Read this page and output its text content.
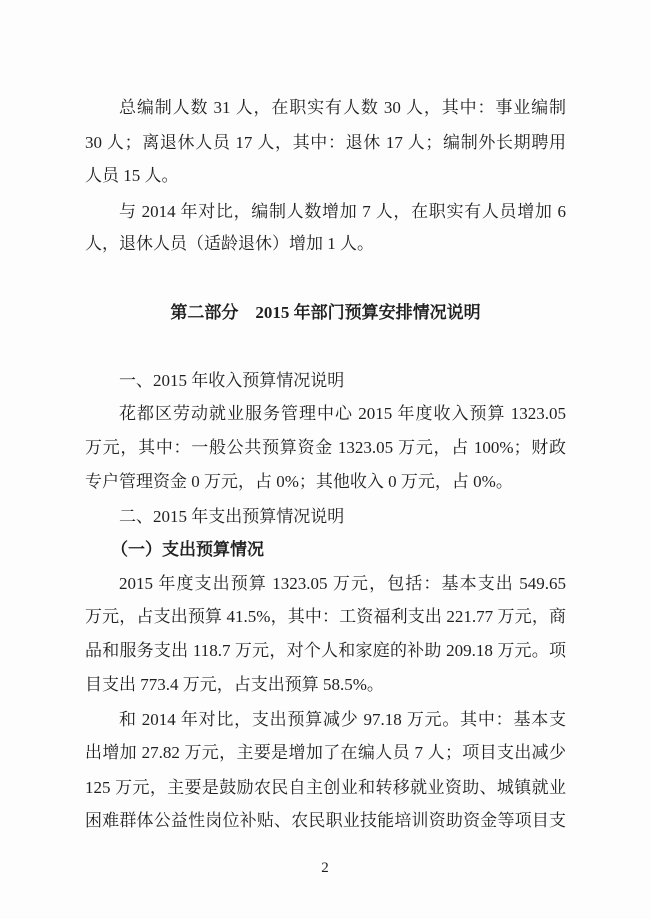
总编制人数 31 人，在职实有人数 30 人，其中：事业编制
30 人；离退休人员 17 人，其中：退休 17 人；编制外长期聘用
人员 15 人。
与 2014 年对比，编制人数增加 7 人，在职实有人员增加 6
人，退休人员（适龄退休）增加 1 人。
第二部分　2015 年部门预算安排情况说明
一、2015 年收入预算情况说明
花都区劳动就业服务管理中心 2015 年度收入预算 1323.05
万元，其中：一般公共预算资金 1323.05 万元，占 100%；财政
专户管理资金 0 万元，占 0%；其他收入 0 万元，占 0%。
二、2015 年支出预算情况说明
（一）支出预算情况
2015 年度支出预算 1323.05 万元，包括：基本支出 549.65
万元，占支出预算 41.5%，其中：工资福利支出 221.77 万元，商
品和服务支出 118.7 万元，对个人和家庭的补助 209.18 万元。项
目支出 773.4 万元，占支出预算 58.5%。
和 2014 年对比，支出预算减少 97.18 万元。其中：基本支
出增加 27.82 万元，主要是增加了在编人员 7 人；项目支出减少
125 万元，主要是鼓励农民自主创业和转移就业资助、城镇就业
困难群体公益性岗位补贴、农民职业技能培训资助资金等项目支
2
